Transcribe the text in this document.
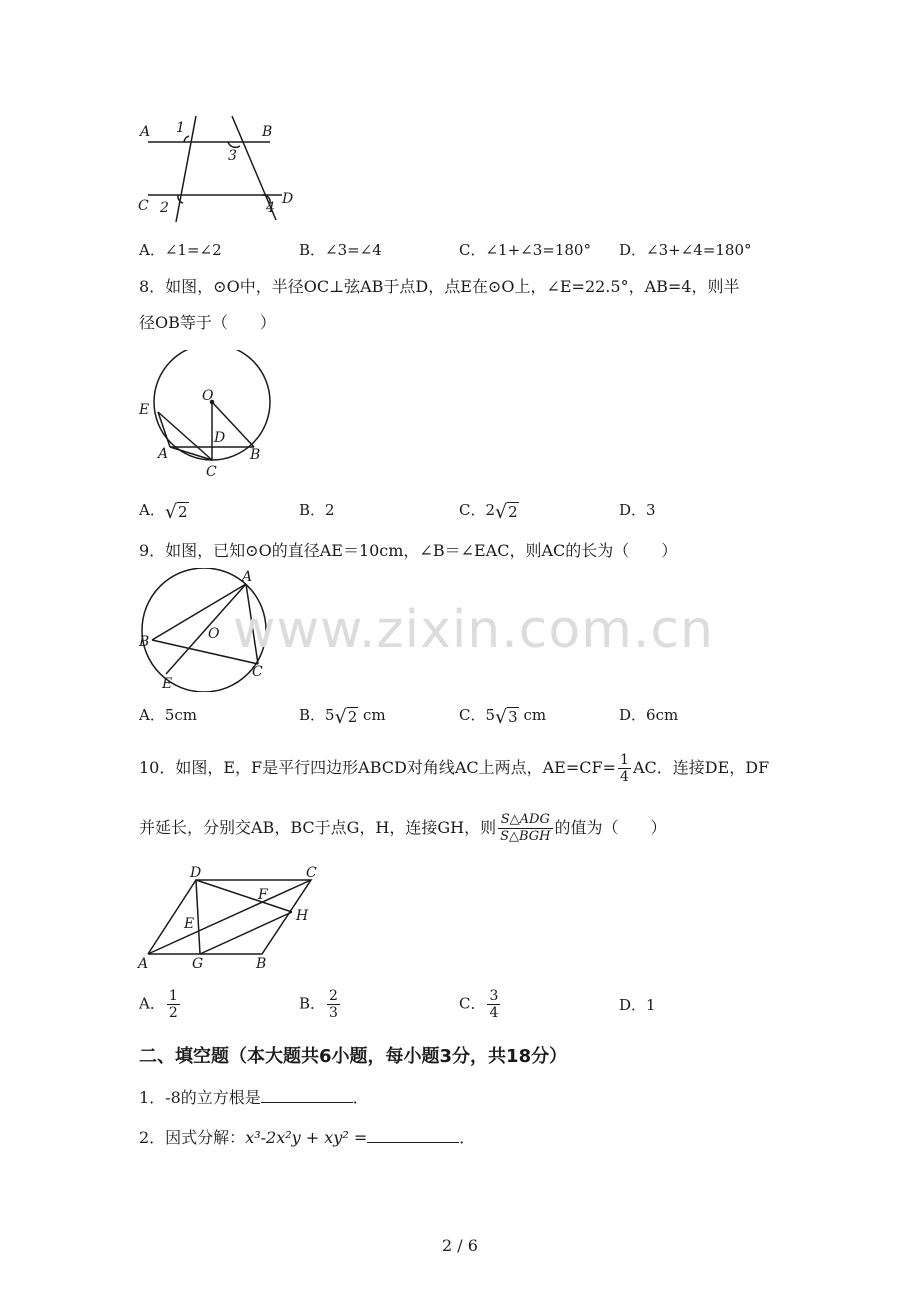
A 1	B
3
C 2
D
4
A．∠1=∠2	B．∠3=∠4	C．∠1+∠3=180° D．∠3+∠4=180°
8．如图，⊙O中，半径OC⊥弦AB于点D，点E在⊙O上，∠E=22.5°，AB=4，则半
径OB等于（　　）
O
E
D
A	B
C
A．√2	B．2	C．2√2	D．3
9．如图，已知⊙O的直径AE＝10cm，∠B＝∠EAC，则AC的长为（　　）
A
B	O
C
E
A．5cm	B．5√2 cm	C．5√3 cm	D．6cm
10．如图，E，F是平行四边形ABCD对角线AC上两点，$AE=CF= \frac{1}{4}$ AC．连接DE，DF
并延长，分别交AB，BC于点G，H，连接GH，则 $\frac{\text{S△ADG}}{\text{S△BGH}}$ 的值为（　　）
D	C
F
H
E
A	G	B
A． $\frac{1}{2}$	B． $\frac{2}{3}$	C． $\frac{3}{4}$	D．1
二、填空题（本大题共6小题，每小题3分，共18分）
1．-8的立方根是	．
2．因式分解：x³-2x²y + xy² =	．
www.zixin.com.cn
2 / 6
